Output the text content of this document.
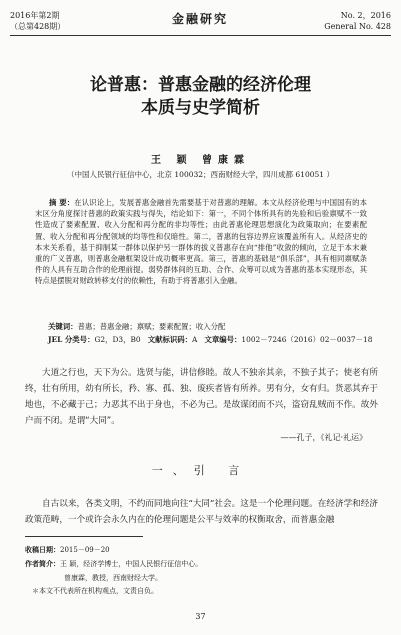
2016年第2期
（总第428期）
金融研究	No. 2，2016
General No. 428
论普惠：普惠金融的经济伦理
本质与史学简析
王 颖 曾康霖
（中国人民银行征信中心，北京 100032；西南财经大学，四川成都 610051 ）
摘 要：在认识论上，发展普惠金融首先需要基于对普惠的理解。本文从经济伦理与中国国有的本末区分角度探讨普惠的政策实践与得失，结论如下：第一，不同个体所具有的先验和后验禀赋不一致性造成了要素配置、收入分配和再分配的非均等性；由此普惠伦理思想演化为政策取向；在要素配置、收入分配和再分配领域的均等性和仅暗性。第二，普惠的包容边界应该覆盖所有人。从经济史的本末关系看，基于抑制某一群体以保护另一群体的拔义普惠存在向“排他”收敛的倾向，立足于本末兼重的广义普惠，则普惠金融框架设计成功概率更高。第三，普惠的基础是“俱乐部”，具有相同禀赋条件的人具有互助合作的伦理前提。弱势群体间的互助、合作、众筹可以成为普惠的基本实现形态，其特点是摆脱对财政转移支付的依赖性，有助于将普惠引入金融。
关键词：普惠；普惠金融；禀赋；要素配置；收入分配
JEL 分类号：G2，D3，B0 文献标识码：A 文章编号：1002－7246（2016）02－0037－18
大道之行也，天下为公。选贤与能，讲信修睦。故人不独亲其亲，不独子其子；使老有所终，壮有所用，幼有所长，矜、寡、孤、独、废疾者皆有所养。男有分，女有归。货恶其弃于地也，不必藏于己；力恶其不出于身也，不必为己。是故谋闭而不兴，盗窃乱贼而不作。故外户而不闭。是谓“大同”。
——孔子，《礼记·礼运》
一、引 言
自古以来，各类文明，不约而同地向往“大同”社会。这是一个伦理问题。在经济学和经济政策范畴，一个或许会永久内在的伦理问题是公平与效率的权衡取舍，而普惠金融
收稿日期：2015－09－20
作者简介：王 颖，经济学博士，中国人民银行征信中心。
曾康霖，教授，西南财经大学。
＊本文不代表所在机构观点，文责自负。
37
